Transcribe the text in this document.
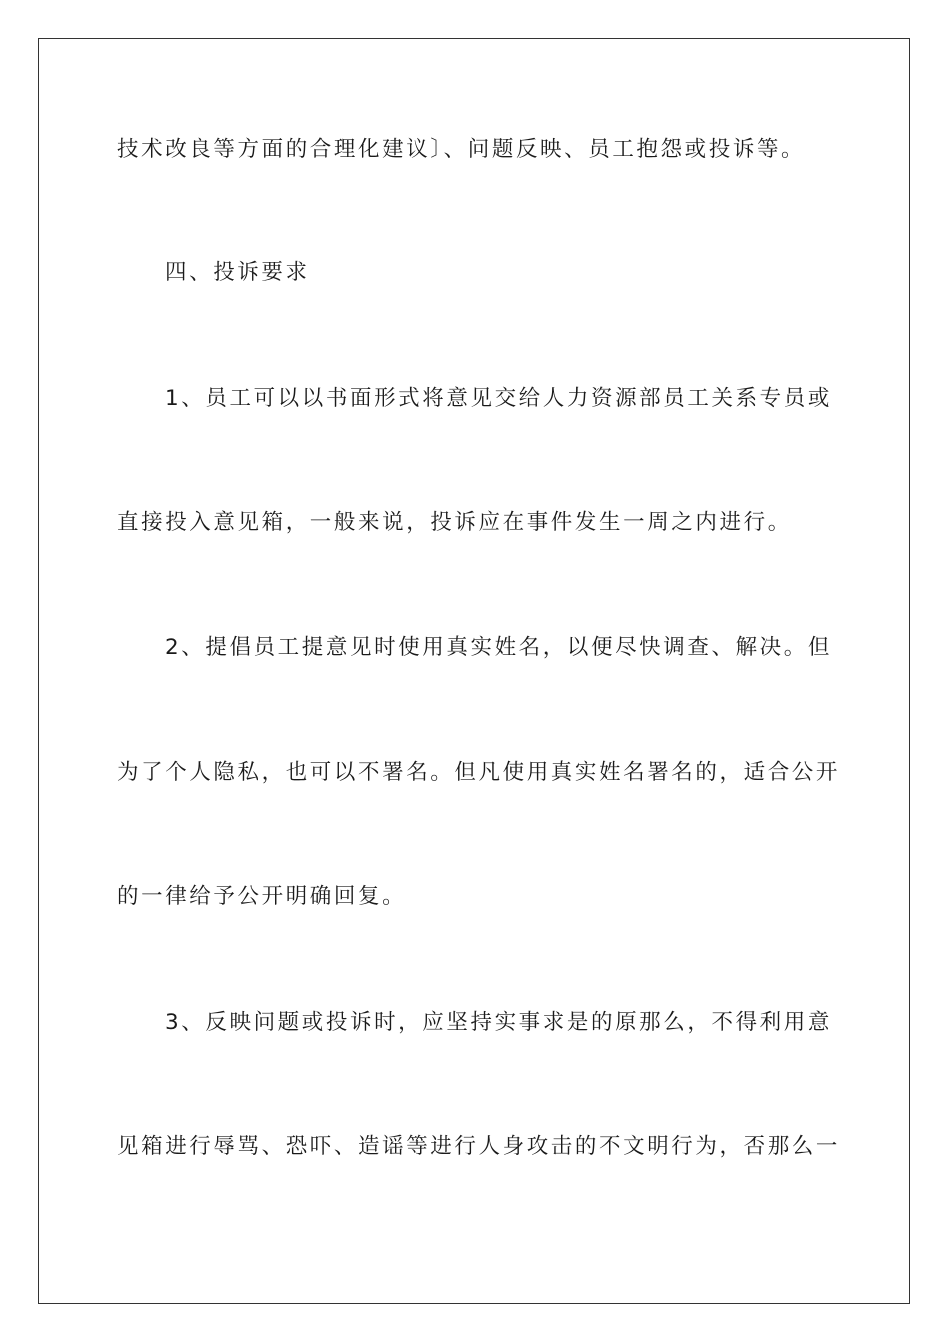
技术改良等方面的合理化建议〕、问题反映、员工抱怨或投诉等。
四、投诉要求
1、员工可以以书面形式将意见交给人力资源部员工关系专员或
直接投入意见箱，一般来说，投诉应在事件发生一周之内进行。
2、提倡员工提意见时使用真实姓名，以便尽快调查、解决。但
为了个人隐私，也可以不署名。但凡使用真实姓名署名的，适合公开
的一律给予公开明确回复。
3、反映问题或投诉时，应坚持实事求是的原那么，不得利用意
见箱进行辱骂、恐吓、造谣等进行人身攻击的不文明行为，否那么一
